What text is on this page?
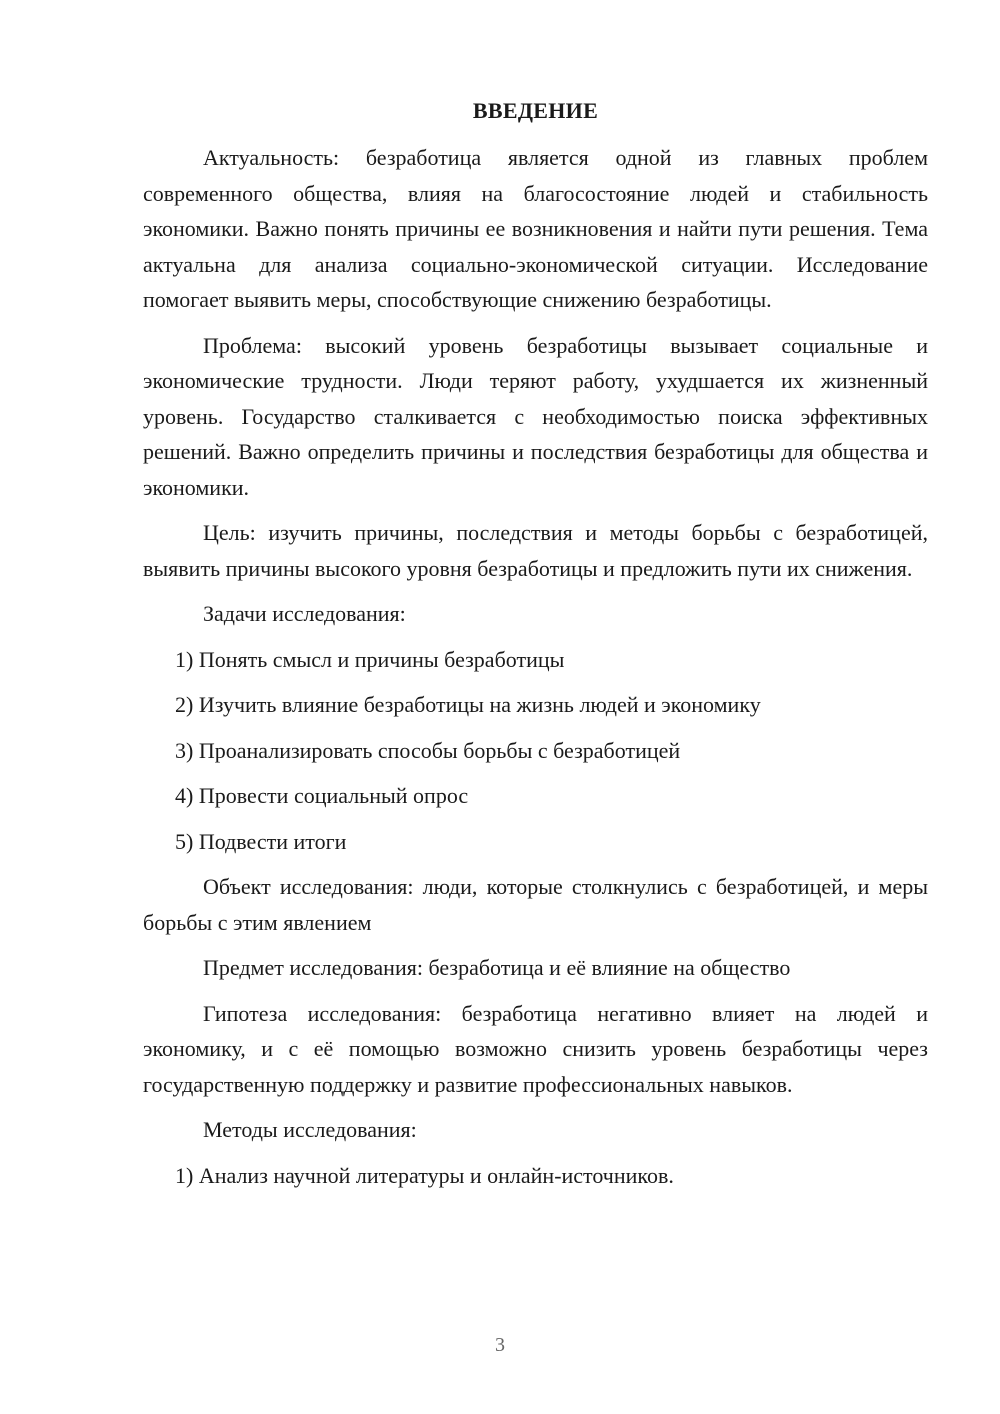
ВВЕДЕНИЕ

Актуальность: безработица является одной из главных проблем современного общества, влияя на благосостояние людей и стабильность экономики. Важно понять причины ее возникновения и найти пути решения. Тема актуальна для анализа социально-экономической ситуации. Исследование помогает выявить меры, способствующие снижению безработицы.

Проблема: высокий уровень безработицы вызывает социальные и экономические трудности. Люди теряют работу, ухудшается их жизненный уровень. Государство сталкивается с необходимостью поиска эффективных решений. Важно определить причины и последствия безработицы для общества и экономики.

Цель: изучить причины, последствия и методы борьбы с безработицей, выявить причины высокого уровня безработицы и предложить пути их снижения.

Задачи исследования:

1) Понять смысл и причины безработицы

2) Изучить влияние безработицы на жизнь людей и экономику

3) Проанализировать способы борьбы с безработицей

4) Провести социальный опрос

5) Подвести итоги

Объект исследования: люди, которые столкнулись с безработицей, и меры борьбы с этим явлением

Предмет исследования: безработица и её влияние на общество

Гипотеза исследования: безработица негативно влияет на людей и экономику, и с её помощью возможно снизить уровень безработицы через государственную поддержку и развитие профессиональных навыков.

Методы исследования:

1) Анализ научной литературы и онлайн-источников.

3
